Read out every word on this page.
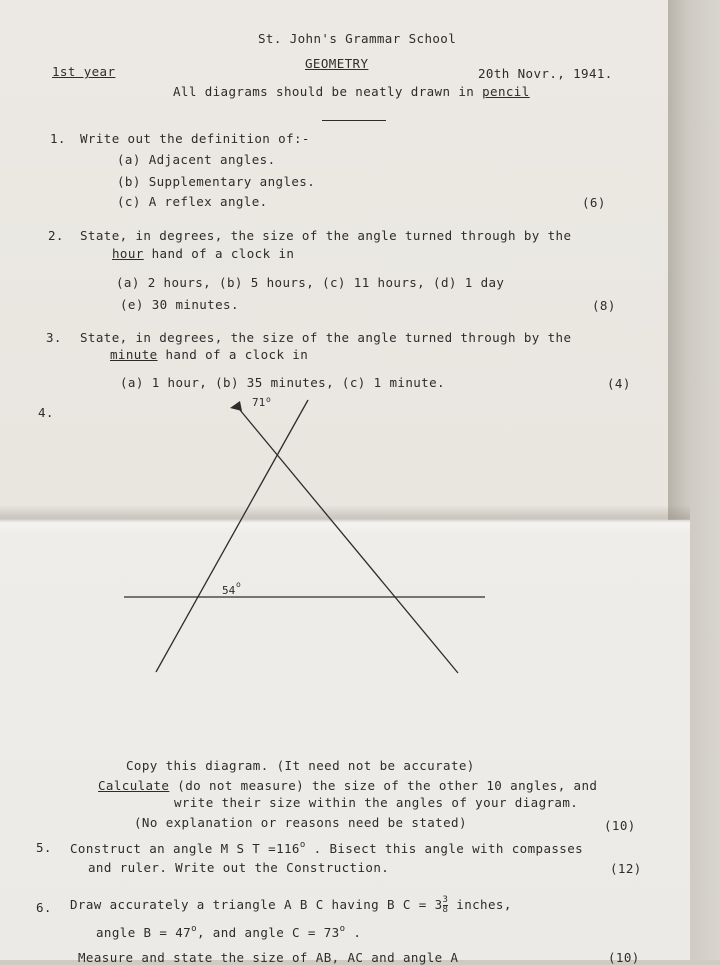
St. John's Grammar School
GEOMETRY
1st year	20th Novr., 1941.
All diagrams should be neatly drawn in pencil
1. Write out the definition of:-
(a) Adjacent angles.
(b) Supplementary angles.
(c) A reflex angle.	(6)
2. State, in degrees, the size of the angle turned through by the
hour hand of a clock in
(a) 2 hours, (b) 5 hours, (c) 11 hours, (d) 1 day
(e) 30 minutes.	(8)
3. State, in degrees, the size of the angle turned through by the
minute hand of a clock in
(a) 1 hour, (b) 35 minutes, (c) 1 minute.	(4)
4.
71 o
54 o
Copy this diagram. (It need not be accurate)
Calculate (do not measure) the size of the other 10 angles, and
write their size within the angles of your diagram.
(No explanation or reasons need be stated)	(10)
5. Construct an angle M S $T =116^o$ . Bisect this angle with compasses
and ruler. Write out the Construction.	(12)
6. Draw accurately a triangle A B C having B $C = 3\frac{3}{8}$ inches,
angle $B = 47^o$, and angle $C = 73^o$ .
Measure and state the size of AB, AC and angle A	(10)
